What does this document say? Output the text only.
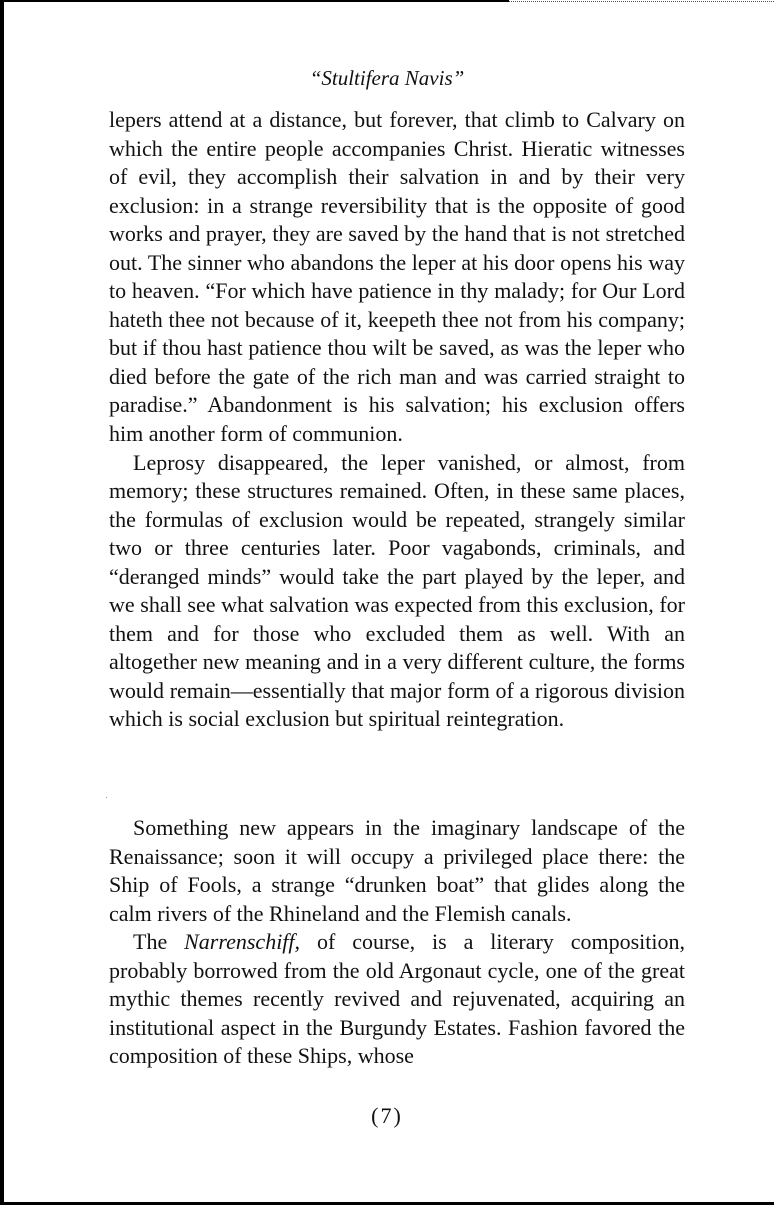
“Stultifera Navis”

lepers attend at a distance, but forever, that climb to Calvary on which the entire people accompanies Christ. Hieratic witnesses of evil, they accomplish their salvation in and by their very exclusion: in a strange reversibility that is the opposite of good works and prayer, they are saved by the hand that is not stretched out. The sinner who abandons the leper at his door opens his way to heaven. “For which have patience in thy malady; for Our Lord hateth thee not because of it, keepeth thee not from his company; but if thou hast patience thou wilt be saved, as was the leper who died before the gate of the rich man and was carried straight to paradise.” Abandonment is his salvation; his exclusion offers him another form of communion.

Leprosy disappeared, the leper vanished, or almost, from memory; these structures remained. Often, in these same places, the formulas of exclusion would be repeated, strangely similar two or three centuries later. Poor vagabonds, criminals, and “deranged minds” would take the part played by the leper, and we shall see what salvation was expected from this exclusion, for them and for those who excluded them as well. With an altogether new meaning and in a very different culture, the forms would remain—essentially that major form of a rigorous division which is social exclusion but spiritual reintegration.

Something new appears in the imaginary landscape of the Renaissance; soon it will occupy a privileged place there: the Ship of Fools, a strange “drunken boat” that glides along the calm rivers of the Rhineland and the Flemish canals.

The Narrenschiff, of course, is a literary composition, probably borrowed from the old Argonaut cycle, one of the great mythic themes recently revived and rejuvenated, acquiring an institutional aspect in the Burgundy Estates. Fashion favored the composition of these Ships, whose

(7)
